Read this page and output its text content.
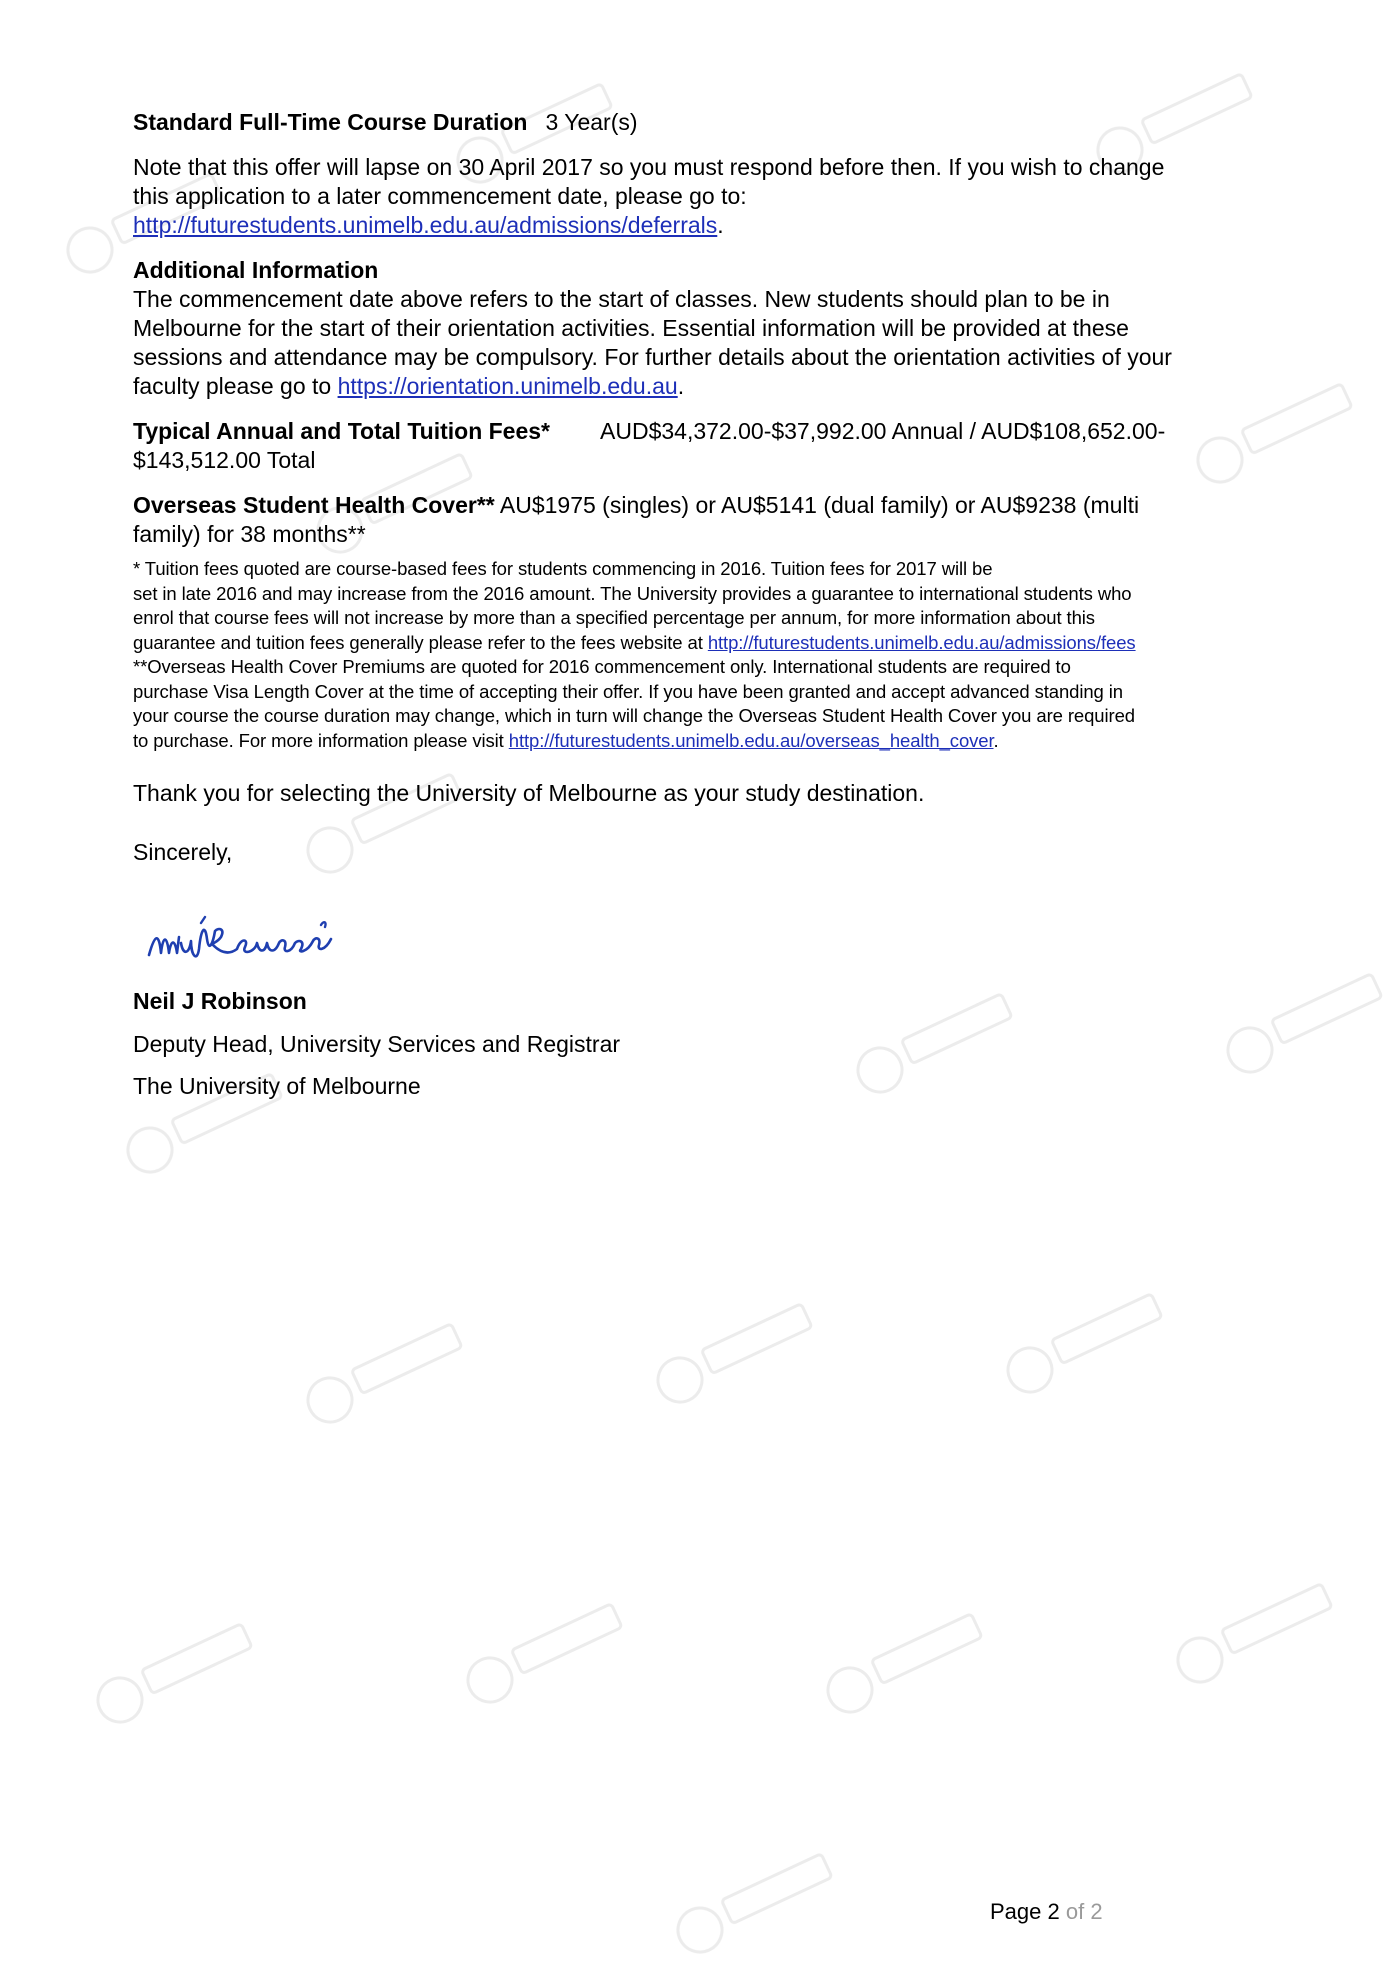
Standard Full-Time Course Duration 3 Year(s)

Note that this offer will lapse on 30 April 2017 so you must respond before then. If you wish to change
this application to a later commencement date, please go to:
http://futurestudents.unimelb.edu.au/admissions/deferrals.

Additional Information
The commencement date above refers to the start of classes. New students should plan to be in
Melbourne for the start of their orientation activities. Essential information will be provided at these
sessions and attendance may be compulsory. For further details about the orientation activities of your
faculty please go to https://orientation.unimelb.edu.au.

Typical Annual and Total Tuition Fees* AUD$34,372.00-$37,992.00 Annual / AUD$108,652.00-
$143,512.00 Total

Overseas Student Health Cover** AU$1975 (singles) or AU$5141 (dual family) or AU$9238 (multi
family) for 38 months**

* Tuition fees quoted are course-based fees for students commencing in 2016. Tuition fees for 2017 will be
set in late 2016 and may increase from the 2016 amount. The University provides a guarantee to international students who
enrol that course fees will not increase by more than a specified percentage per annum, for more information about this
guarantee and tuition fees generally please refer to the fees website at http://futurestudents.unimelb.edu.au/admissions/fees
**Overseas Health Cover Premiums are quoted for 2016 commencement only. International students are required to
purchase Visa Length Cover at the time of accepting their offer. If you have been granted and accept advanced standing in
your course the course duration may change, which in turn will change the Overseas Student Health Cover you are required
to purchase. For more information please visit http://futurestudents.unimelb.edu.au/overseas_health_cover.

Thank you for selecting the University of Melbourne as your study destination.

Sincerely,

Neil J Robinson

Deputy Head, University Services and Registrar

The University of Melbourne

Page 2 of 2
